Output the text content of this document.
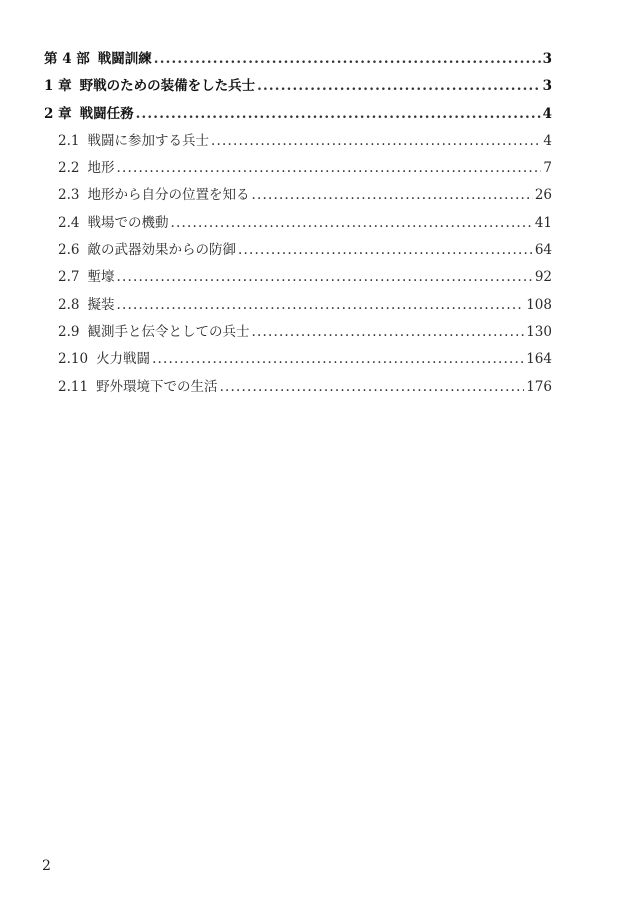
第 4 部 戦闘訓練 .....	3
1 章 野戦のための装備をした兵士 .....	3
2 章 戦闘任務 .....	4
2.1 戦闘に参加する兵士 .....	4
2.2 地形 .....	7
2.3 地形から自分の位置を知る .....	26
2.4 戦場での機動 .....	41
2.6 敵の武器効果からの防御 .....	64
2.7 塹壕 .....	92
2.8 擬装 .....	108
2.9 観測手と伝令としての兵士 .....	130
2.10 火力戦闘 .....	164
2.11 野外環境下での生活 .....	176
2
